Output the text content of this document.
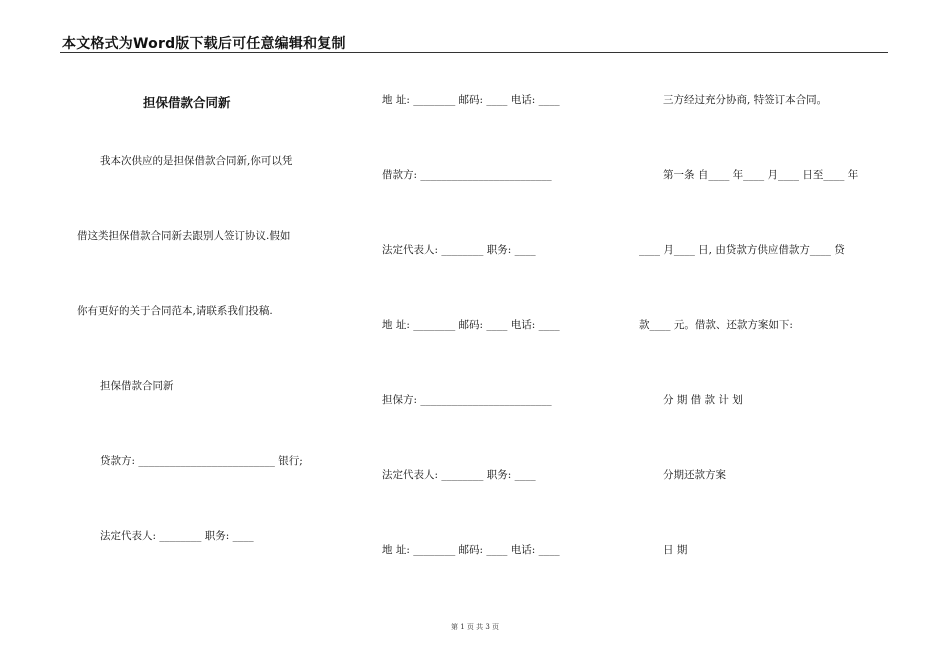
本文格式为Word版下载后可任意编辑和复制
担保借款合同新
我本次供应的是担保借款合同新,你可以凭
借这类担保借款合同新去跟别人签订协议.假如
你有更好的关于合同范本,请联系我们投稿.
担保借款合同新
贷款方: __________________________ 银行;
法定代表人: ________ 职务: ____
地 址: ________ 邮码: ____ 电话: ____
借款方: _________________________
法定代表人: ________ 职务: ____
地 址: ________ 邮码: ____ 电话: ____
担保方: _________________________
法定代表人: ________ 职务: ____
地 址: ________ 邮码: ____ 电话: ____
三方经过充分协商, 特签订本合同。
第一条 自____ 年____ 月____ 日至____ 年
____ 月____ 日, 由贷款方供应借款方____ 贷
款____ 元。借款、还款方案如下:
分 期 借 款 计 划
分期还款方案
日 期
第 1 页 共 3 页
